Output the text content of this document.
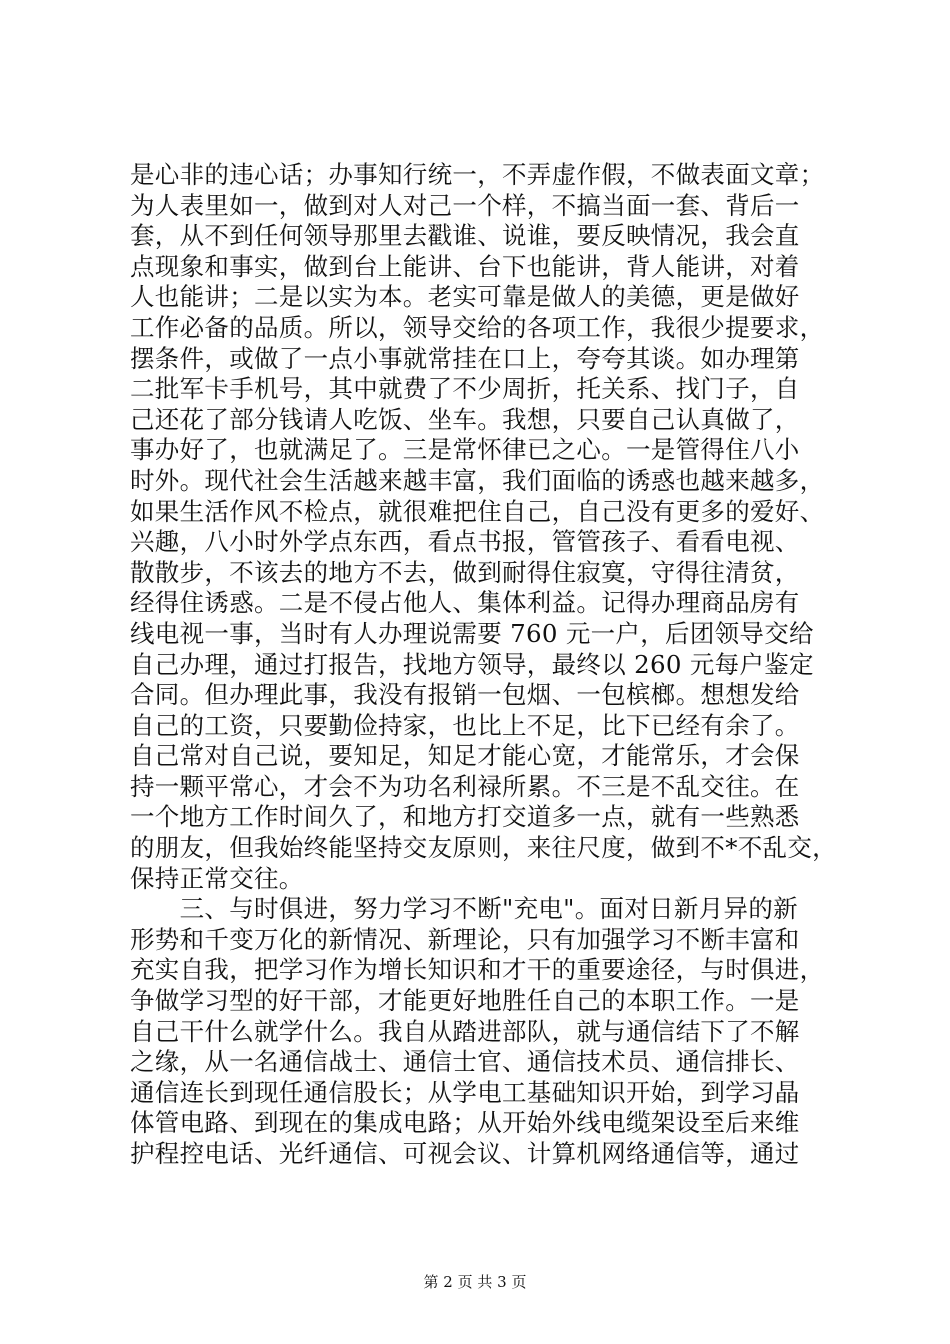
是心非的违心话；办事知行统一，不弄虚作假，不做表面文章；
为人表里如一，做到对人对己一个样，不搞当面一套、背后一
套，从不到任何领导那里去戳谁、说谁，要反映情况，我会直
点现象和事实，做到台上能讲、台下也能讲，背人能讲，对着
人也能讲；二是以实为本。老实可靠是做人的美德，更是做好
工作必备的品质。所以，领导交给的各项工作，我很少提要求，
摆条件，或做了一点小事就常挂在口上，夸夸其谈。如办理第
二批军卡手机号，其中就费了不少周折，托关系、找门子，自
己还花了部分钱请人吃饭、坐车。我想，只要自己认真做了，
事办好了，也就满足了。三是常怀律已之心。一是管得住八小
时外。现代社会生活越来越丰富，我们面临的诱惑也越来越多，
如果生活作风不检点，就很难把住自己，自己没有更多的爱好、
兴趣，八小时外学点东西，看点书报，管管孩子、看看电视、
散散步，不该去的地方不去，做到耐得住寂寞，守得往清贫，
经得住诱惑。二是不侵占他人、集体利益。记得办理商品房有
线电视一事，当时有人办理说需要 760 元一户，后团领导交给
自己办理，通过打报告，找地方领导，最终以 260 元每户鉴定
合同。但办理此事，我没有报销一包烟、一包槟榔。想想发给
自己的工资，只要勤俭持家，也比上不足，比下已经有余了。
自己常对自己说，要知足，知足才能心宽，才能常乐，才会保
持一颗平常心，才会不为功名利禄所累。不三是不乱交往。在
一个地方工作时间久了，和地方打交道多一点，就有一些熟悉
的朋友，但我始终能坚持交友原则，来往尺度，做到不*不乱交，
保持正常交往。
　　三、与时俱进，努力学习不断"充电"。面对日新月异的新
形势和千变万化的新情况、新理论，只有加强学习不断丰富和
充实自我，把学习作为增长知识和才干的重要途径，与时俱进，
争做学习型的好干部，才能更好地胜任自己的本职工作。一是
自己干什么就学什么。我自从踏进部队，就与通信结下了不解
之缘，从一名通信战士、通信士官、通信技术员、通信排长、
通信连长到现任通信股长；从学电工基础知识开始，到学习晶
体管电路、到现在的集成电路；从开始外线电缆架设至后来维
护程控电话、光纤通信、可视会议、计算机网络通信等，通过
第 2 页 共 3 页
